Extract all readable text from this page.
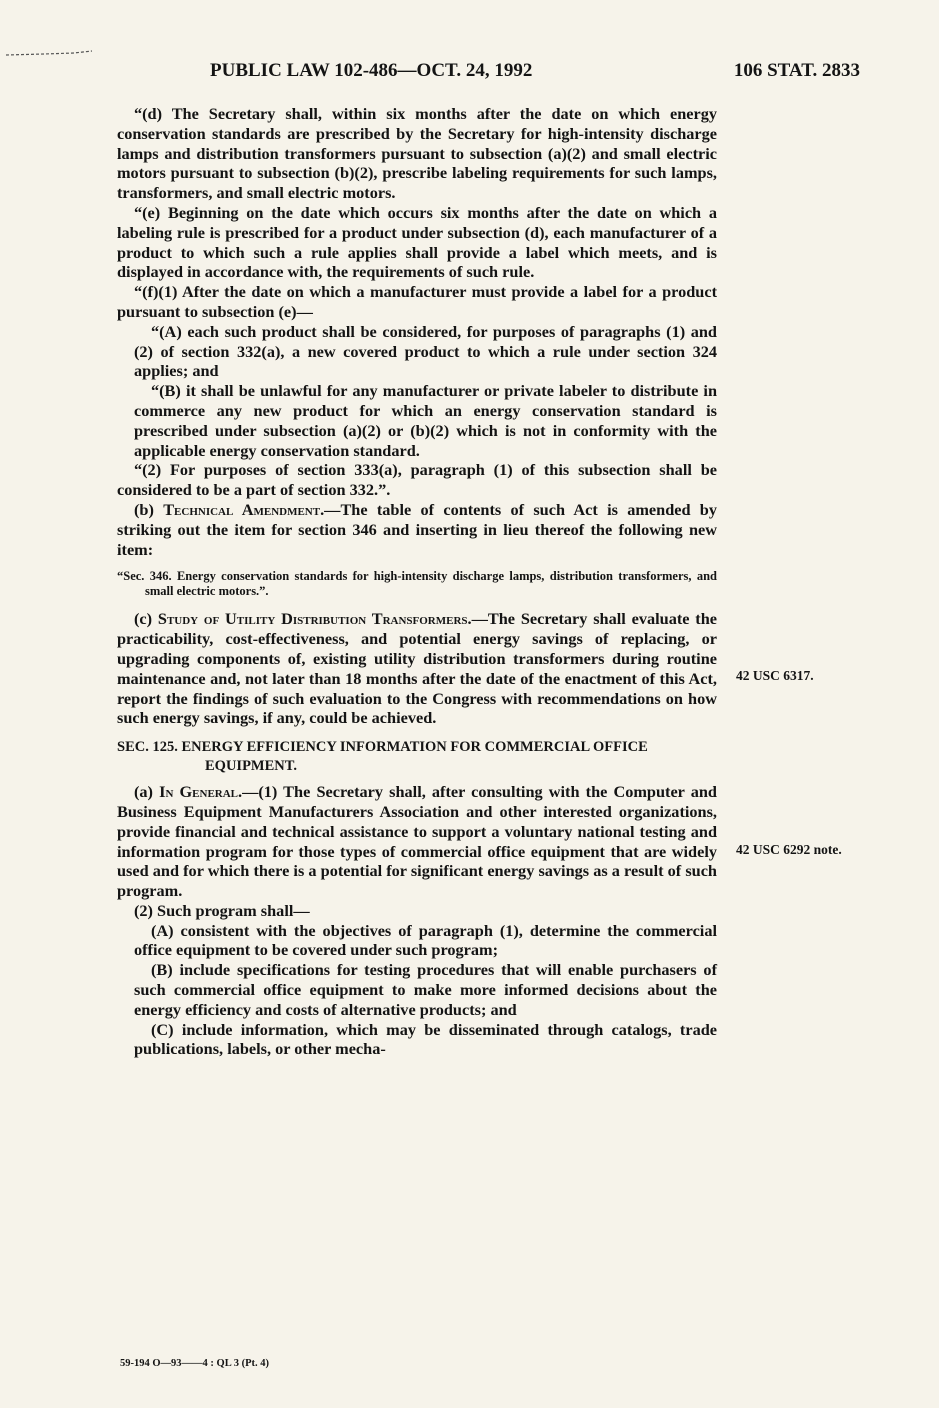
PUBLIC LAW 102-486—OCT. 24, 1992	106 STAT. 2833

“(d) The Secretary shall, within six months after the date on which energy conservation standards are prescribed by the Secretary for high-intensity discharge lamps and distribution transformers pursuant to subsection (a)(2) and small electric motors pursuant to subsection (b)(2), prescribe labeling requirements for such lamps, transformers, and small electric motors.

“(e) Beginning on the date which occurs six months after the date on which a labeling rule is prescribed for a product under subsection (d), each manufacturer of a product to which such a rule applies shall provide a label which meets, and is displayed in accordance with, the requirements of such rule.

“(f)(1) After the date on which a manufacturer must provide a label for a product pursuant to subsection (e)—

“(A) each such product shall be considered, for purposes of paragraphs (1) and (2) of section 332(a), a new covered product to which a rule under section 324 applies; and

“(B) it shall be unlawful for any manufacturer or private labeler to distribute in commerce any new product for which an energy conservation standard is prescribed under subsection (a)(2) or (b)(2) which is not in conformity with the applicable energy conservation standard.

“(2) For purposes of section 333(a), paragraph (1) of this subsection shall be considered to be a part of section 332.”.

(b) Technical Amendment.—The table of contents of such Act is amended by striking out the item for section 346 and inserting in lieu thereof the following new item:

“Sec. 346. Energy conservation standards for high-intensity discharge lamps, distribution transformers, and small electric motors.”.

(c) Study of Utility Distribution Transformers.—The Secretary shall evaluate the practicability, cost-effectiveness, and potential energy savings of replacing, or upgrading components of, existing utility distribution transformers during routine maintenance and, not later than 18 months after the date of the enactment of this Act, report the findings of such evaluation to the Congress with recommendations on how such energy savings, if any, could be achieved.

SEC. 125. ENERGY EFFICIENCY INFORMATION FOR COMMERCIAL OFFICE EQUIPMENT.

(a) In General.—(1) The Secretary shall, after consulting with the Computer and Business Equipment Manufacturers Association and other interested organizations, provide financial and technical assistance to support a voluntary national testing and information program for those types of commercial office equipment that are widely used and for which there is a potential for significant energy savings as a result of such program.

(2) Such program shall—

(A) consistent with the objectives of paragraph (1), determine the commercial office equipment to be covered under such program;

(B) include specifications for testing procedures that will enable purchasers of such commercial office equipment to make more informed decisions about the energy efficiency and costs of alternative products; and

(C) include information, which may be disseminated through catalogs, trade publications, labels, or other mecha-

42 USC 6317.
42 USC 6292 note.
59-194 O—93——4 : QL 3 (Pt. 4)
